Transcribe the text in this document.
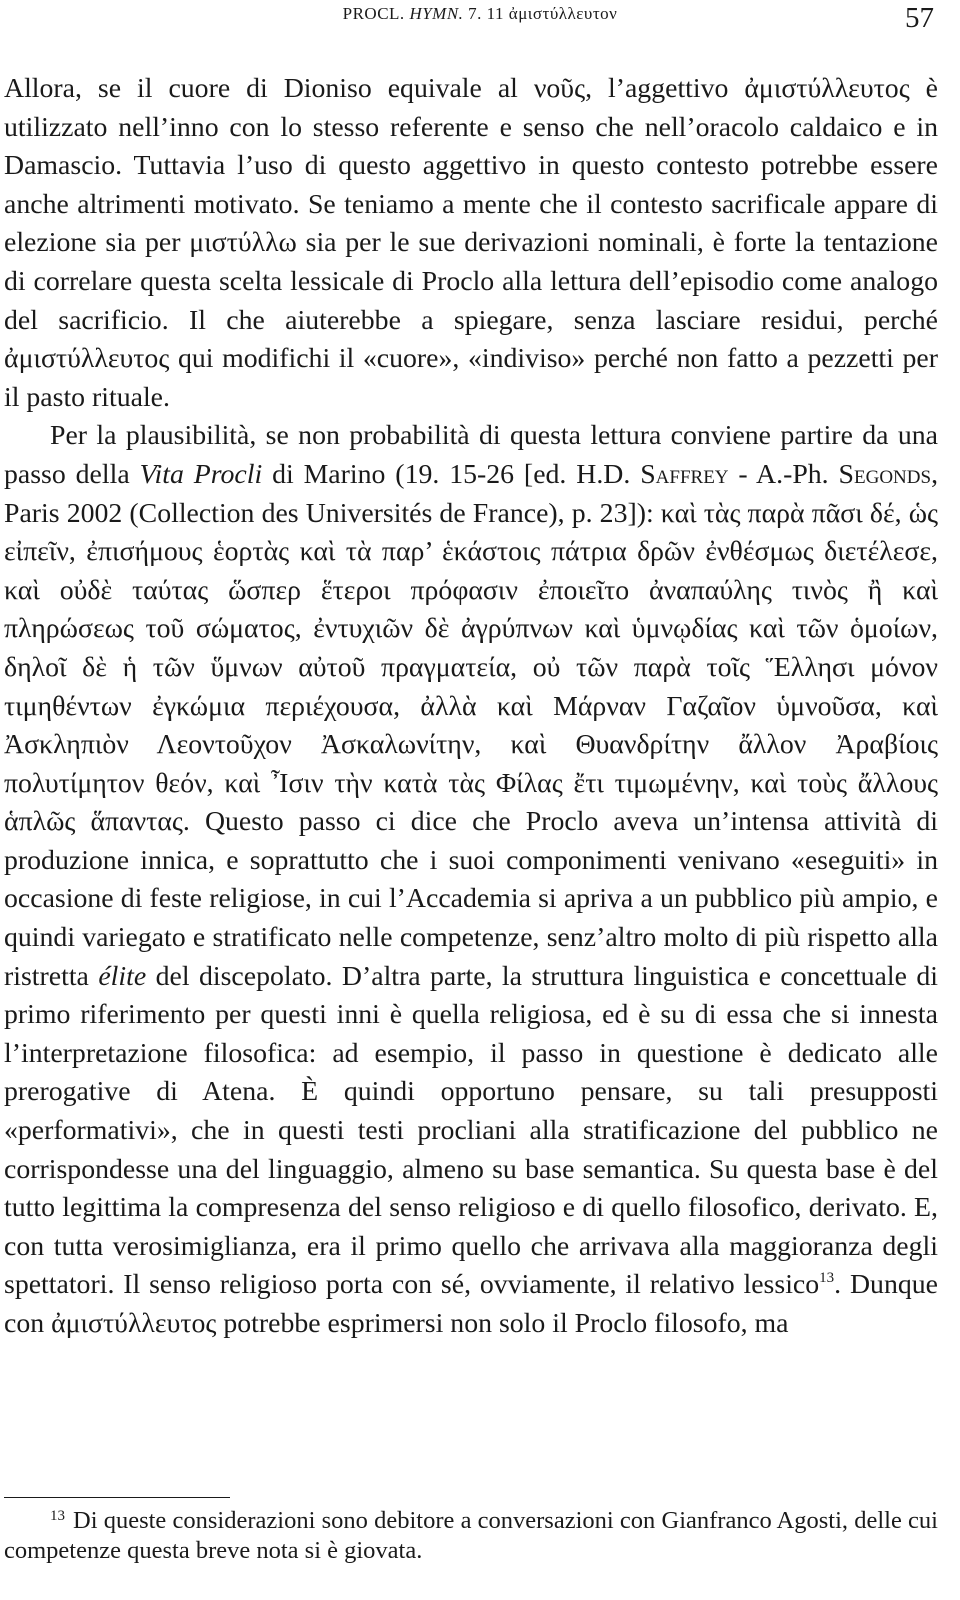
PROCL. HYMN. 7. 11 ἀμιστύλλευτον	57

Allora, se il cuore di Dioniso equivale al νοῦς, l’aggettivo ἀμιστύλλευτος è utilizzato nell’inno con lo stesso referente e senso che nell’oracolo caldaico e in Damascio. Tuttavia l’uso di questo aggettivo in questo contesto potrebbe essere anche altrimenti motivato. Se teniamo a mente che il contesto sacrificale appare di elezione sia per μιστύλλω sia per le sue derivazioni nominali, è forte la tentazione di correlare questa scelta lessicale di Proclo alla lettura dell’episodio come analogo del sacrificio. Il che aiuterebbe a spiegare, senza lasciare residui, perché ἀμιστύλλευτος qui modifichi il «cuore», «indiviso» perché non fatto a pezzetti per il pasto rituale.

Per la plausibilità, se non probabilità di questa lettura conviene partire da una passo della Vita Procli di Marino (19. 15-26 [ed. H.D. Saffrey - A.-Ph. Segonds, Paris 2002 (Collection des Universités de France), p. 23]): καὶ τὰς παρὰ πᾶσι δέ, ὡς εἰπεῖν, ἐπισήμους ἑορτὰς καὶ τὰ παρ’ ἑκάστοις πάτρια δρῶν ἐνθέσμως διετέλεσε, καὶ οὐδὲ ταύτας ὥσπερ ἕτεροι πρόφασιν ἐποιεῖτο ἀναπαύλης τινὸς ἢ καὶ πληρώσεως τοῦ σώματος, ἐντυχιῶν δὲ ἀγρύπνων καὶ ὑμνῳδίας καὶ τῶν ὁμοίων, δηλοῖ δὲ ἡ τῶν ὕμνων αὐτοῦ πραγματεία, οὐ τῶν παρὰ τοῖς Ἕλλησι μόνον τιμηθέντων ἐγκώμια περιέχουσα, ἀλλὰ καὶ Μάρναν Γαζαῖον ὑμνοῦσα, καὶ Ἀσκληπιὸν Λεοντοῦχον Ἀσκαλωνίτην, καὶ Θυανδρίτην ἄλλον Ἀραβίοις πολυτίμητον θεόν, καὶ Ἶσιν τὴν κατὰ τὰς Φίλας ἔτι τιμωμένην, καὶ τοὺς ἄλλους ἁπλῶς ἅπαντας. Questo passo ci dice che Proclo aveva un’intensa attività di produzione innica, e soprattutto che i suoi componimenti venivano «eseguiti» in occasione di feste religiose, in cui l’Accademia si apriva a un pubblico più ampio, e quindi variegato e stratificato nelle competenze, senz’altro molto di più rispetto alla ristretta élite del discepolato. D’altra parte, la struttura linguistica e concettuale di primo riferimento per questi inni è quella religiosa, ed è su di essa che si innesta l’interpretazione filosofica: ad esempio, il passo in questione è dedicato alle prerogative di Atena. È quindi opportuno pensare, su tali presupposti «performativi», che in questi testi procliani alla stratificazione del pubblico ne corrispondesse una del linguaggio, almeno su base semantica. Su questa base è del tutto legittima la compresenza del senso religioso e di quello filosofico, derivato. E, con tutta verosimiglianza, era il primo quello che arrivava alla maggioranza degli spettatori. Il senso religioso porta con sé, ovviamente, il relativo lessico$^{13}$. Dunque con ἀμιστύλλευτος potrebbe esprimersi non solo il Proclo filosofo, ma

$^{13}$ Di queste considerazioni sono debitore a conversazioni con Gianfranco Agosti, delle cui competenze questa breve nota si è giovata.
